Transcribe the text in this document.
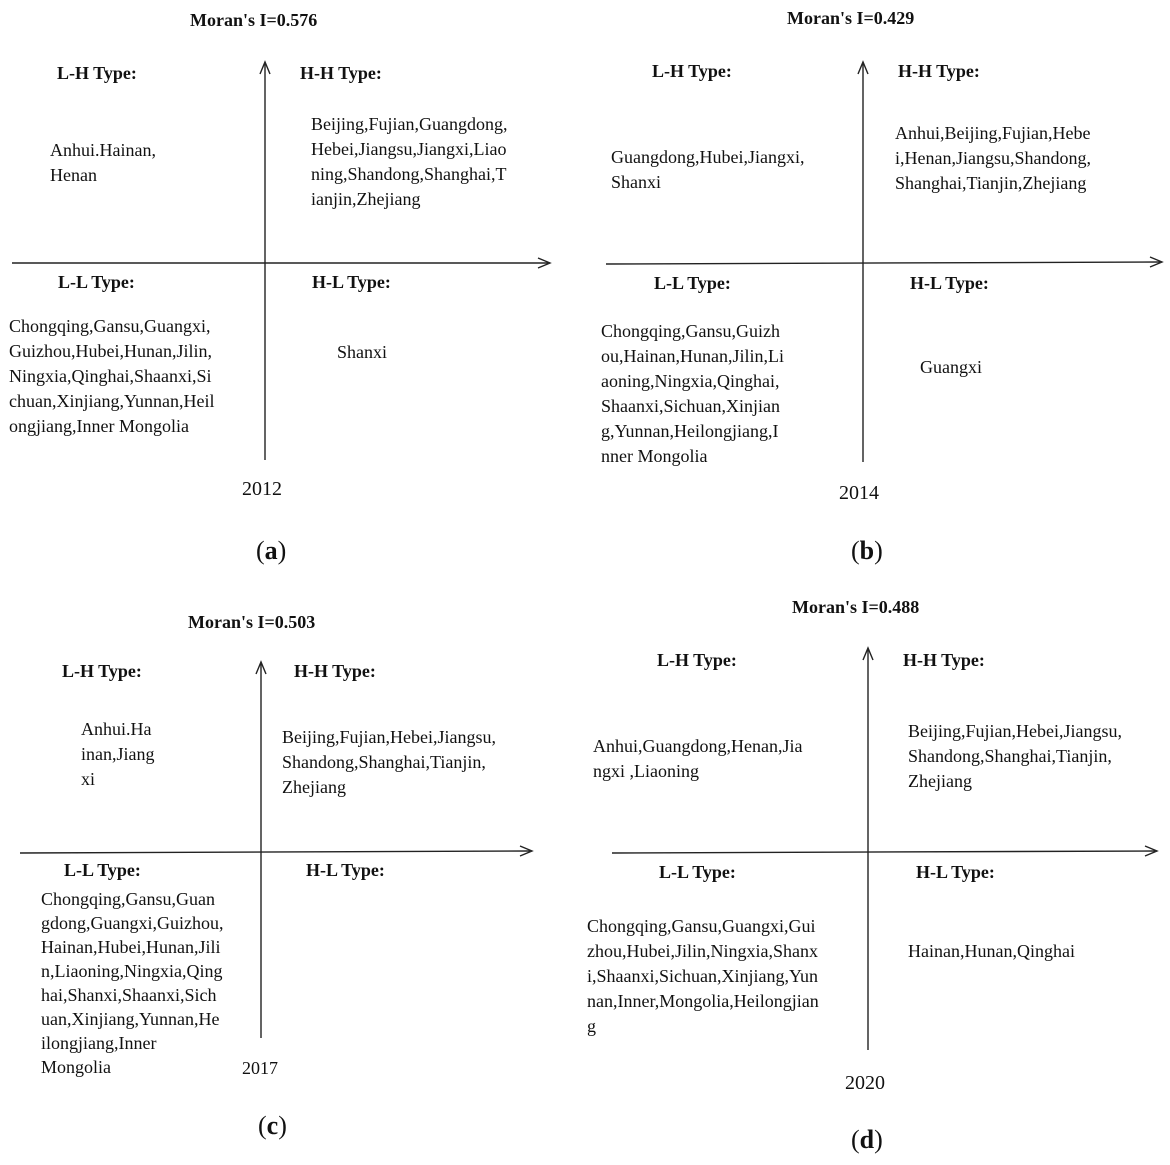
Moran's I=0.576
L-H Type:
Anhui.Hainan,
Henan
H-H Type:
Beijing,Fujian,Guangdong,
Hebei,Jiangsu,Jiangxi,Liao
ning,Shandong,Shanghai,T
ianjin,Zhejiang
L-L Type:
Chongqing,Gansu,Guangxi,
Guizhou,Hubei,Hunan,Jilin,
Ningxia,Qinghai,Shaanxi,Si
chuan,Xinjiang,Yunnan,Heil
ongjiang,Inner Mongolia
H-L Type:
Shanxi
2012
(a)
Moran's I=0.429
L-H Type:
Guangdong,Hubei,Jiangxi,
Shanxi
H-H Type:
Anhui,Beijing,Fujian,Hebe
i,Henan,Jiangsu,Shandong,
Shanghai,Tianjin,Zhejiang
L-L Type:
Chongqing,Gansu,Guizh
ou,Hainan,Hunan,Jilin,Li
aoning,Ningxia,Qinghai,
Shaanxi,Sichuan,Xinjian
g,Yunnan,Heilongjiang,I
nner Mongolia
H-L Type:
Guangxi
2014
(b)
Moran's I=0.503
L-H Type:
Anhui.Ha
inan,Jiang
xi
H-H Type:
Beijing,Fujian,Hebei,Jiangsu,
Shandong,Shanghai,Tianjin,
Zhejiang
L-L Type:
Chongqing,Gansu,Guan
gdong,Guangxi,Guizhou,
Hainan,Hubei,Hunan,Jili
n,Liaoning,Ningxia,Qing
hai,Shanxi,Shaanxi,Sich
uan,Xinjiang,Yunnan,He
ilongjiang,Inner
Mongolia
H-L Type:
2017
(c)
Moran's I=0.488
L-H Type:
Anhui,Guangdong,Henan,Jia
ngxi ,Liaoning
H-H Type:
Beijing,Fujian,Hebei,Jiangsu,
Shandong,Shanghai,Tianjin,
Zhejiang
L-L Type:
Chongqing,Gansu,Guangxi,Gui
zhou,Hubei,Jilin,Ningxia,Shanx
i,Shaanxi,Sichuan,Xinjiang,Yun
nan,Inner,Mongolia,Heilongjian
g
H-L Type:
Hainan,Hunan,Qinghai
2020
(d)
